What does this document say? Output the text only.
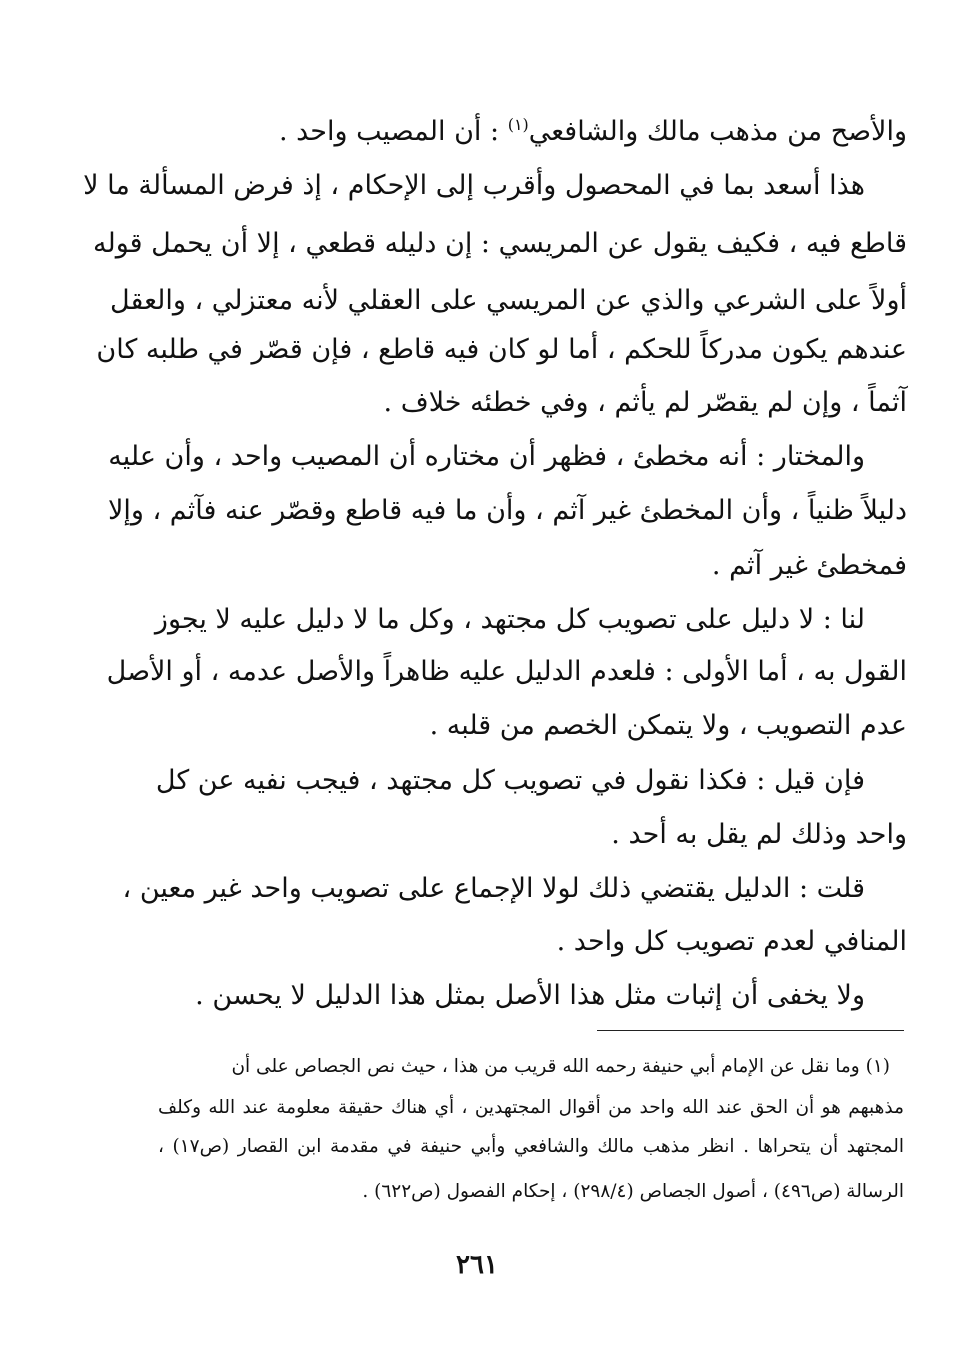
والأصح من مذهب مالك والشافعي$^{(١)}$ : أن المصيب واحد .

هذا أسعد بما في المحصول وأقرب إلى الإحكام ، إذ فرض المسألة ما لا

قاطع فيه ، فكيف يقول عن المريسي : إن دليله قطعي ، إلا أن يحمل قوله

أولاً على الشرعي والذي عن المريسي على العقلي لأنه معتزلي ، والعقل

عندهم يكون مدركاً للحكم ، أما لو كان فيه قاطع ، فإن قصّر في طلبه كان

آثماً ، وإن لم يقصّر لم يأثم ، وفي خطئه خلاف .

والمختار : أنه مخطئ ، فظهر أن مختاره أن المصيب واحد ، وأن عليه

دليلاً ظنياً ، وأن المخطئ غير آثم ، وأن ما فيه قاطع وقصّر عنه فآثم ، وإلا

فمخطئ غير آثم .

لنا : لا دليل على تصويب كل مجتهد ، وكل ما لا دليل عليه لا يجوز

القول به ، أما الأولى : فلعدم الدليل عليه ظاهراً والأصل عدمه ، أو الأصل

عدم التصويب ، ولا يتمكن الخصم من قلبه .

فإن قيل : فكذا نقول في تصويب كل مجتهد ، فيجب نفيه عن كل

واحد وذلك لم يقل به أحد .

قلت : الدليل يقتضي ذلك لولا الإجماع على تصويب واحد غير معين ،

المنافي لعدم تصويب كل واحد .

ولا يخفى أن إثبات مثل هذا الأصل بمثل هذا الدليل لا يحسن .

(١) وما نقل عن الإمام أبي حنيفة رحمه الله قريب من هذا ، حيث نص الجصاص على أن

مذهبهم هو أن الحق عند الله واحد من أقوال المجتهدين ، أي هناك حقيقة معلومة عند الله وكلف

المجتهد أن يتحراها . انظر مذهب مالك والشافعي وأبي حنيفة في مقدمة ابن القصار (ص١٧) ،

الرسالة (ص٤٩٦) ، أصول الجصاص (٢٩٨/٤) ، إحكام الفصول (ص٦٢٢) .

٢٦١
